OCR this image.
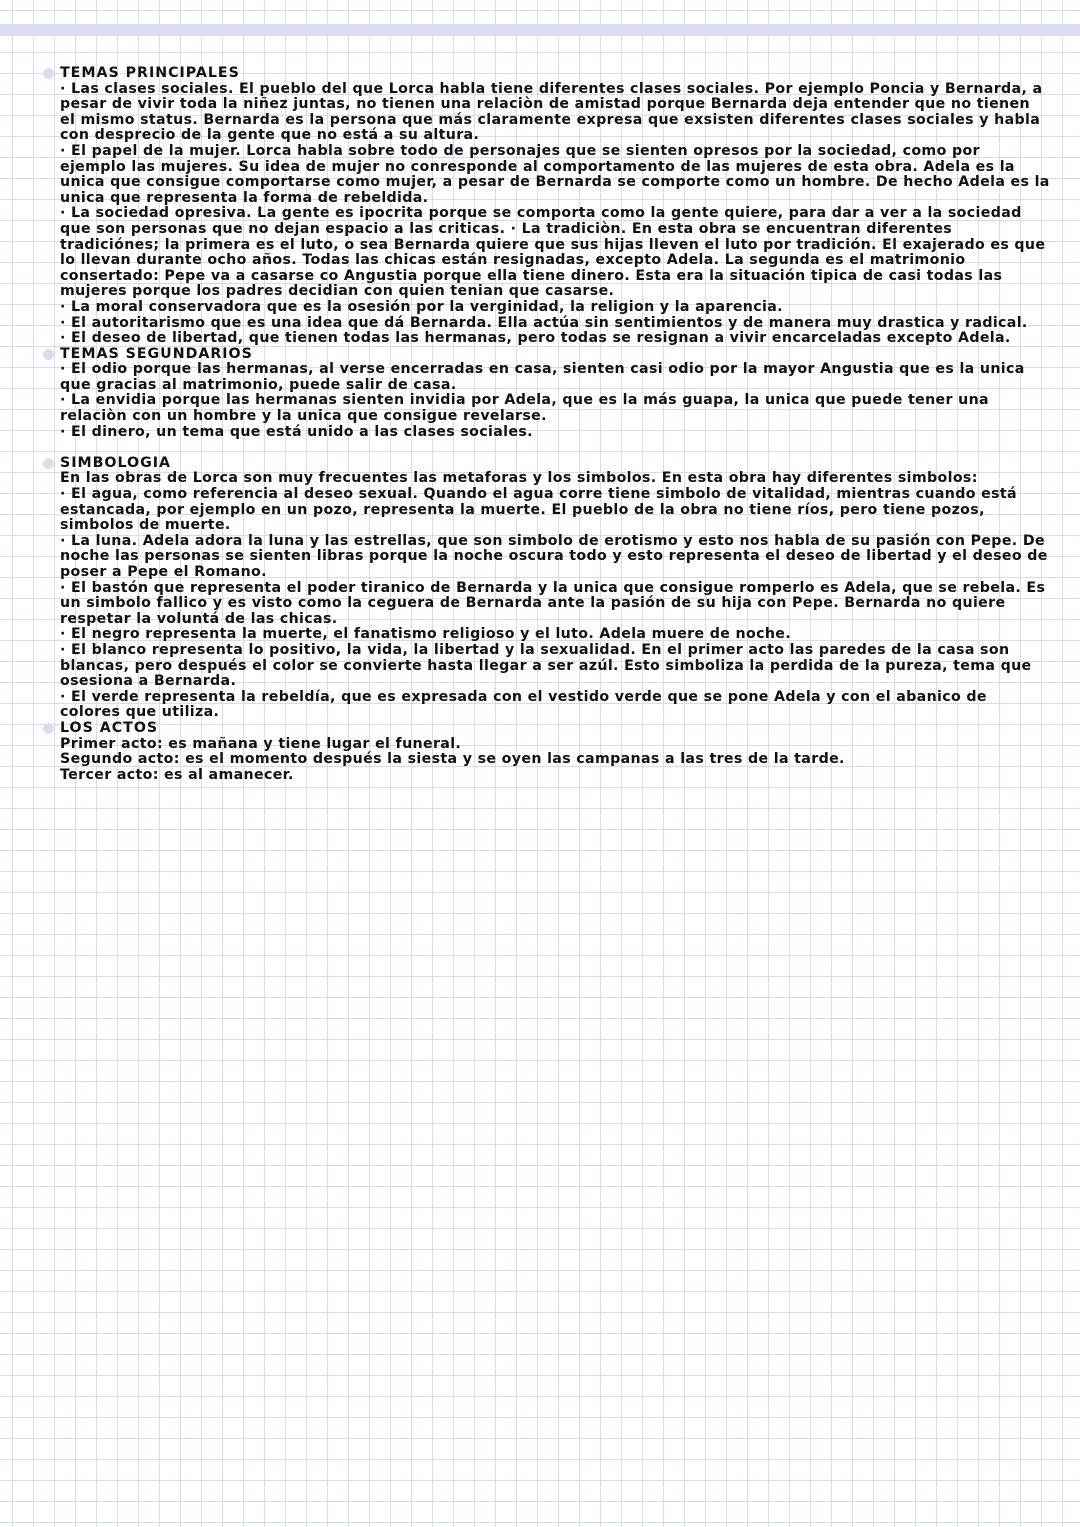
TEMAS PRINCIPALES

· Las clases sociales. El pueblo del que Lorca habla tiene diferentes clases sociales. Por ejemplo Poncia y Bernarda, a pesar de vivir toda la niñez juntas, no tienen una relaciòn de amistad porque Bernarda deja entender que no tienen el mismo status. Bernarda es la persona que más claramente expresa que exsisten diferentes clases sociales y habla con desprecio de la gente que no está a su altura.

· El papel de la mujer. Lorca habla sobre todo de personajes que se sienten opresos por la sociedad, como por ejemplo las mujeres. Su idea de mujer no conresponde al comportamento de las mujeres de esta obra. Adela es la unica que consigue comportarse como mujer, a pesar de Bernarda se comporte como un hombre. De hecho Adela es la unica que representa la forma de rebeldida.

· La sociedad opresiva. La gente es ipocrita porque se comporta como la gente quiere, para dar a ver a la sociedad que son personas que no dejan espacio a las criticas. · La tradiciòn. En esta obra se encuentran diferentes tradiciónes; la primera es el luto, o sea Bernarda quiere que sus hijas lleven el luto por tradición. El exajerado es que lo llevan durante ocho años. Todas las chicas están resignadas, excepto Adela. La segunda es el matrimonio consertado: Pepe va a casarse co Angustia porque ella tiene dinero. Esta era la situación tipica de casi todas las mujeres porque los padres decidian con quien tenian que casarse.

· La moral conservadora que es la osesión por la verginidad, la religion y la aparencia.

· El autoritarismo que es una idea que dá Bernarda. Ella actúa sin sentimientos y de manera muy drastica y radical.

· El deseo de libertad, que tienen todas las hermanas, pero todas se resignan a vivir encarceladas excepto Adela.

TEMAS SEGUNDARIOS

· El odio porque las hermanas, al verse encerradas en casa, sienten casi odio por la mayor Angustia que es la unica que gracias al matrimonio, puede salir de casa.

· La envidia porque las hermanas sienten invidia por Adela, que es la más guapa, la unica que puede tener una relaciòn con un hombre y la unica que consigue revelarse.

· El dinero, un tema que está unido a las clases sociales.

SIMBOLOGIA

En las obras de Lorca son muy frecuentes las metaforas y los simbolos. En esta obra hay diferentes simbolos:

· El agua, como referencia al deseo sexual. Quando el agua corre tiene simbolo de vitalidad, mientras cuando está estancada, por ejemplo en un pozo, representa la muerte. El pueblo de la obra no tiene ríos, pero tiene pozos, simbolos de muerte.

· La luna. Adela adora la luna y las estrellas, que son simbolo de erotismo y esto nos habla de su pasión con Pepe. De noche las personas se sienten libras porque la noche oscura todo y esto representa el deseo de libertad y el deseo de poser a Pepe el Romano.

· El bastón que representa el poder tiranico de Bernarda y la unica que consigue romperlo es Adela, que se rebela. Es un simbolo fallico y es visto como la ceguera de Bernarda ante la pasión de su hija con Pepe. Bernarda no quiere respetar la voluntá de las chicas.

· El negro representa la muerte, el fanatismo religioso y el luto. Adela muere de noche.

· El blanco representa lo positivo, la vida, la libertad y la sexualidad. En el primer acto las paredes de la casa son blancas, pero después el color se convierte hasta llegar a ser azúl. Esto simboliza la perdida de la pureza, tema que osesiona a Bernarda.

· El verde representa la rebeldía, que es expresada con el vestido verde que se pone Adela y con el abanico de colores que utiliza.

LOS ACTOS

Primer acto: es mañana y tiene lugar el funeral.

Segundo acto: es el momento después la siesta y se oyen las campanas a las tres de la tarde.

Tercer acto: es al amanecer.
